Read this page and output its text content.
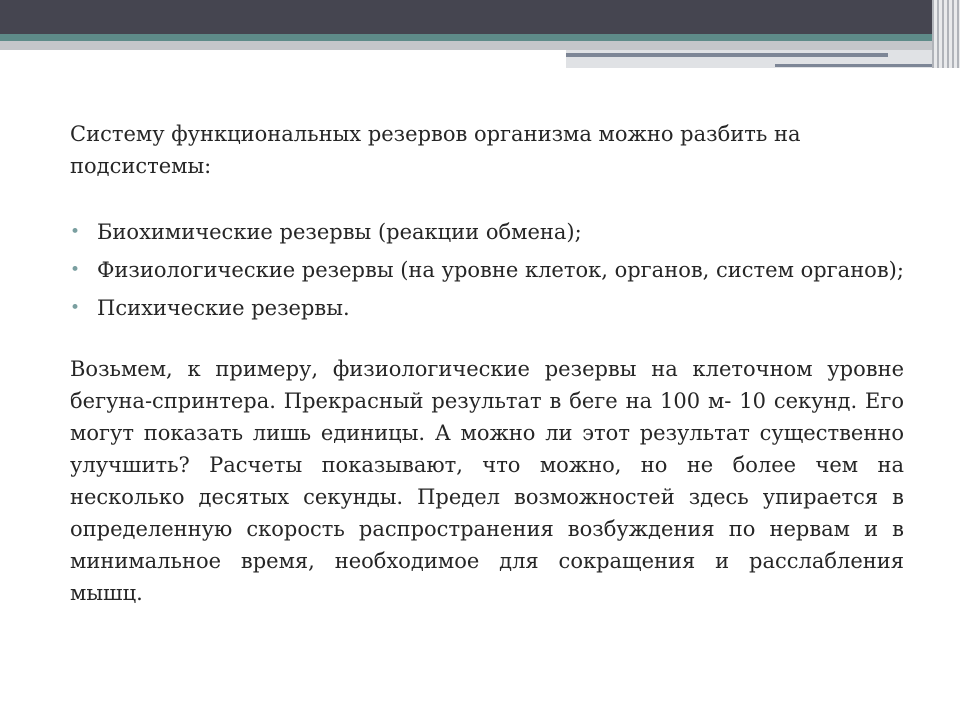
Систему функциональных резервов организма можно разбить на подсистемы:

• Биохимические резервы (реакции обмена);
• Физиологические резервы (на уровне клеток, органов, систем органов);
• Психические резервы.

Возьмем, к примеру, физиологические резервы на клеточном уровне бегуна-спринтера. Прекрасный результат в беге на 100 м- 10 секунд. Его могут показать лишь единицы. А можно ли этот результат существенно улучшить? Расчеты показывают, что можно, но не более чем на несколько десятых секунды. Предел возможностей здесь упирается в определенную скорость распространения возбуждения по нервам и в минимальное время, необходимое для сокращения и расслабления мышц.
